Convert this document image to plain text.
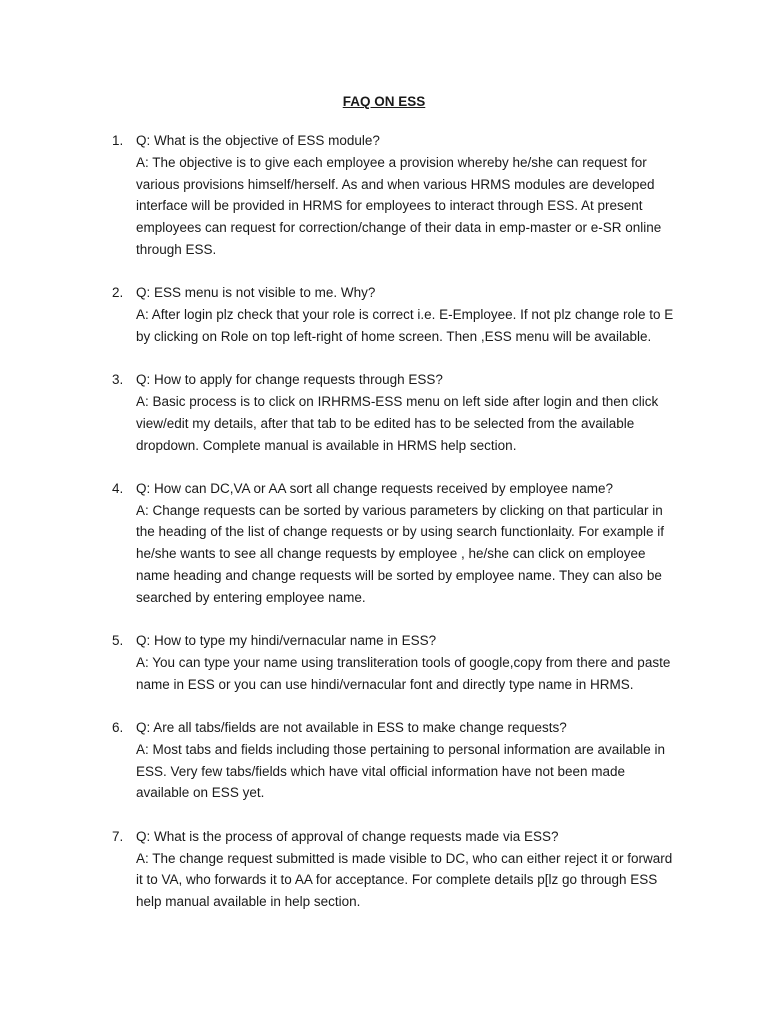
FAQ ON ESS
1. Q: What is the objective of ESS module?
A: The objective is to give each employee a provision whereby he/she can request for various provisions himself/herself. As and when various HRMS modules are developed interface will be provided in HRMS for employees to interact through ESS. At present employees can request for correction/change of their data in emp-master or e-SR online through ESS.
2. Q: ESS menu is not visible to me. Why?
A: After login plz check that your role is correct i.e. E-Employee. If not plz change role to E by clicking on Role on top left-right of home screen. Then ,ESS menu will be available.
3. Q: How to apply for change requests through ESS?
A: Basic process is to click on IRHRMS-ESS menu on left side after login and then click view/edit my details, after that tab to be edited has to be selected from the available dropdown. Complete manual is available in HRMS help section.
4. Q: How can DC,VA or AA sort all change requests received by employee name?
A: Change requests can be sorted by various parameters by clicking on that particular in the heading of the list of change requests or by using search functionlaity. For example if he/she wants to see all change requests by employee , he/she can click on employee name heading and change requests will be sorted by employee name. They can also be searched by entering employee name.
5. Q: How to type my hindi/vernacular name in ESS?
A: You can type your name using transliteration tools of google,copy from there and paste name in ESS or you can use hindi/vernacular font and directly type name in HRMS.
6. Q: Are all tabs/fields are not available in ESS to make change requests?
A: Most tabs and fields including those pertaining to personal information are available in ESS. Very few tabs/fields which have vital official information have not been made available on ESS yet.
7. Q: What is the process of approval of change requests made via ESS?
A: The change request submitted is made visible to DC, who can either reject it or forward it to VA, who forwards it to AA for acceptance. For complete details p[lz go through ESS help manual available in help section.
